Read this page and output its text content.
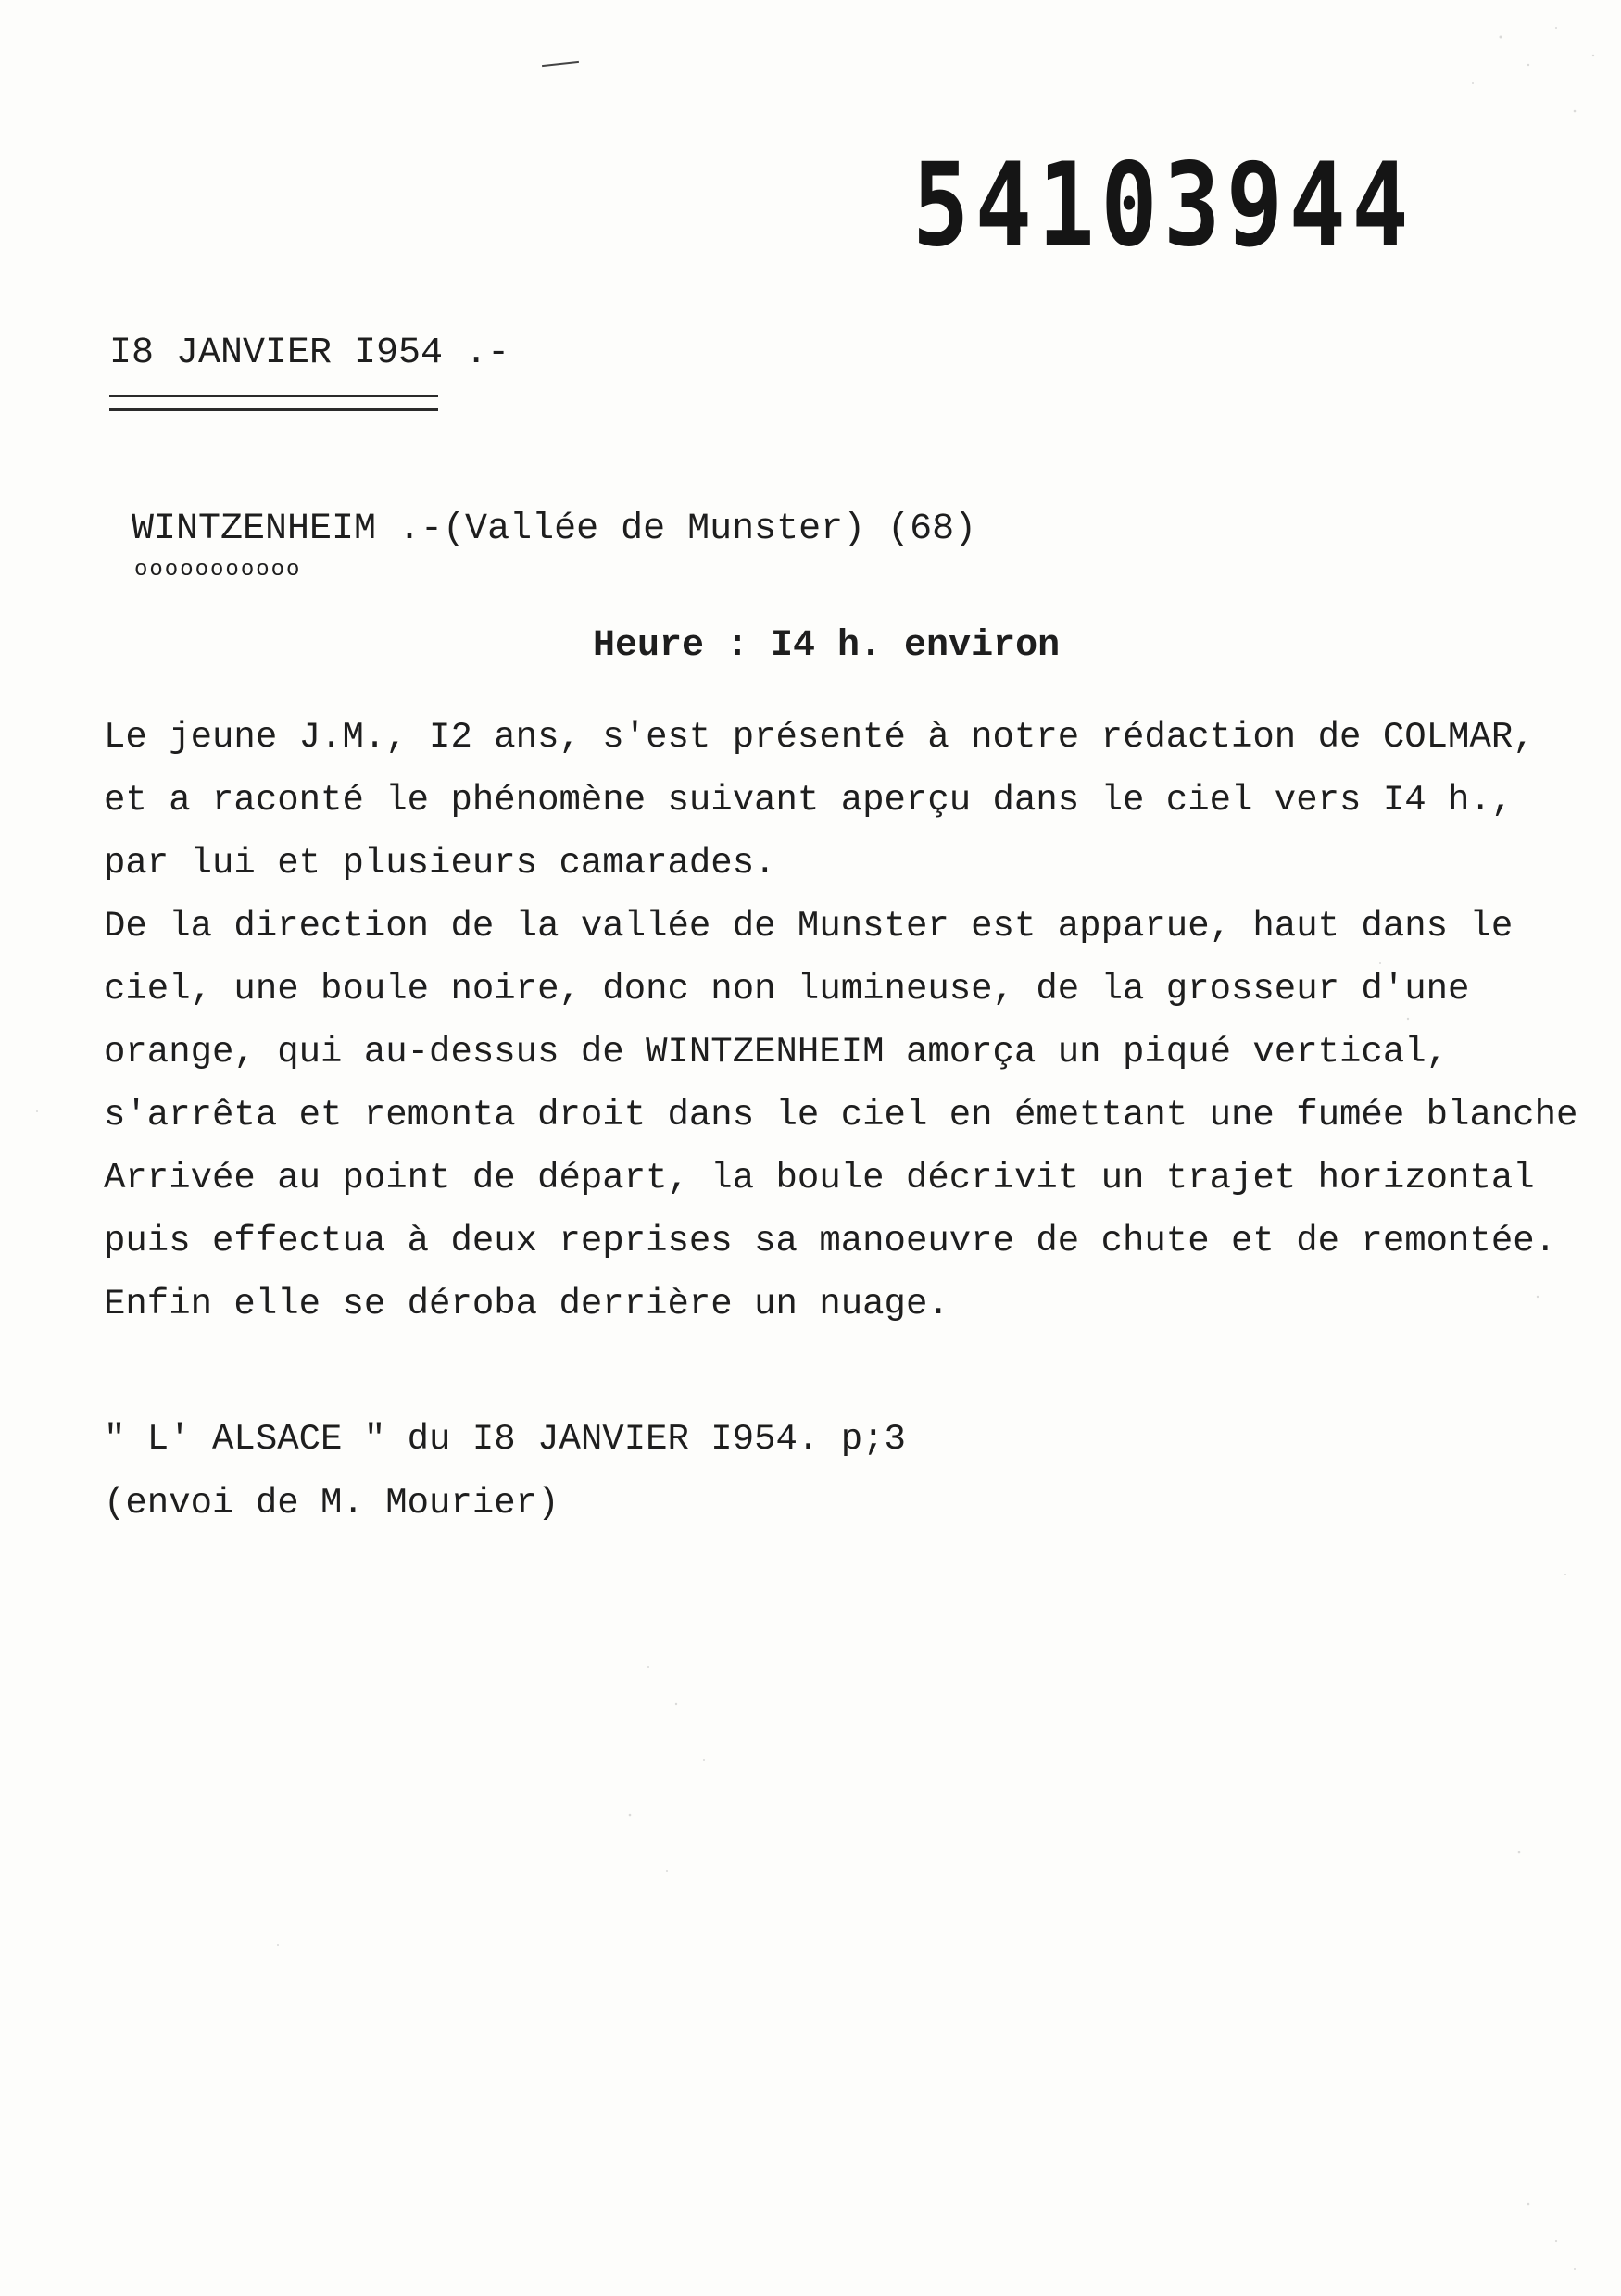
54103944
I8 JANVIER I954 .-
WINTZENHEIM .-(Vallée de Munster) (68)
ooooooooooo
Heure : I4 h. environ
Le jeune J.M., I2 ans, s'est présenté à notre rédaction de COLMAR,
et a raconté le phénomène suivant aperçu dans le ciel vers I4 h.,
par lui et plusieurs camarades.
De la direction de la vallée de Munster est apparue, haut dans le
ciel, une boule noire, donc non lumineuse, de la grosseur d'une
orange, qui au-dessus de WINTZENHEIM amorça un piqué vertical,
s'arrêta et remonta droit dans le ciel en émettant une fumée blanche
Arrivée au point de départ, la boule décrivit un trajet horizontal
puis effectua à deux reprises sa manoeuvre de chute et de remontée.
Enfin elle se déroba derrière un nuage.
" L' ALSACE " du I8 JANVIER I954. p;3
(envoi de M. Mourier)
